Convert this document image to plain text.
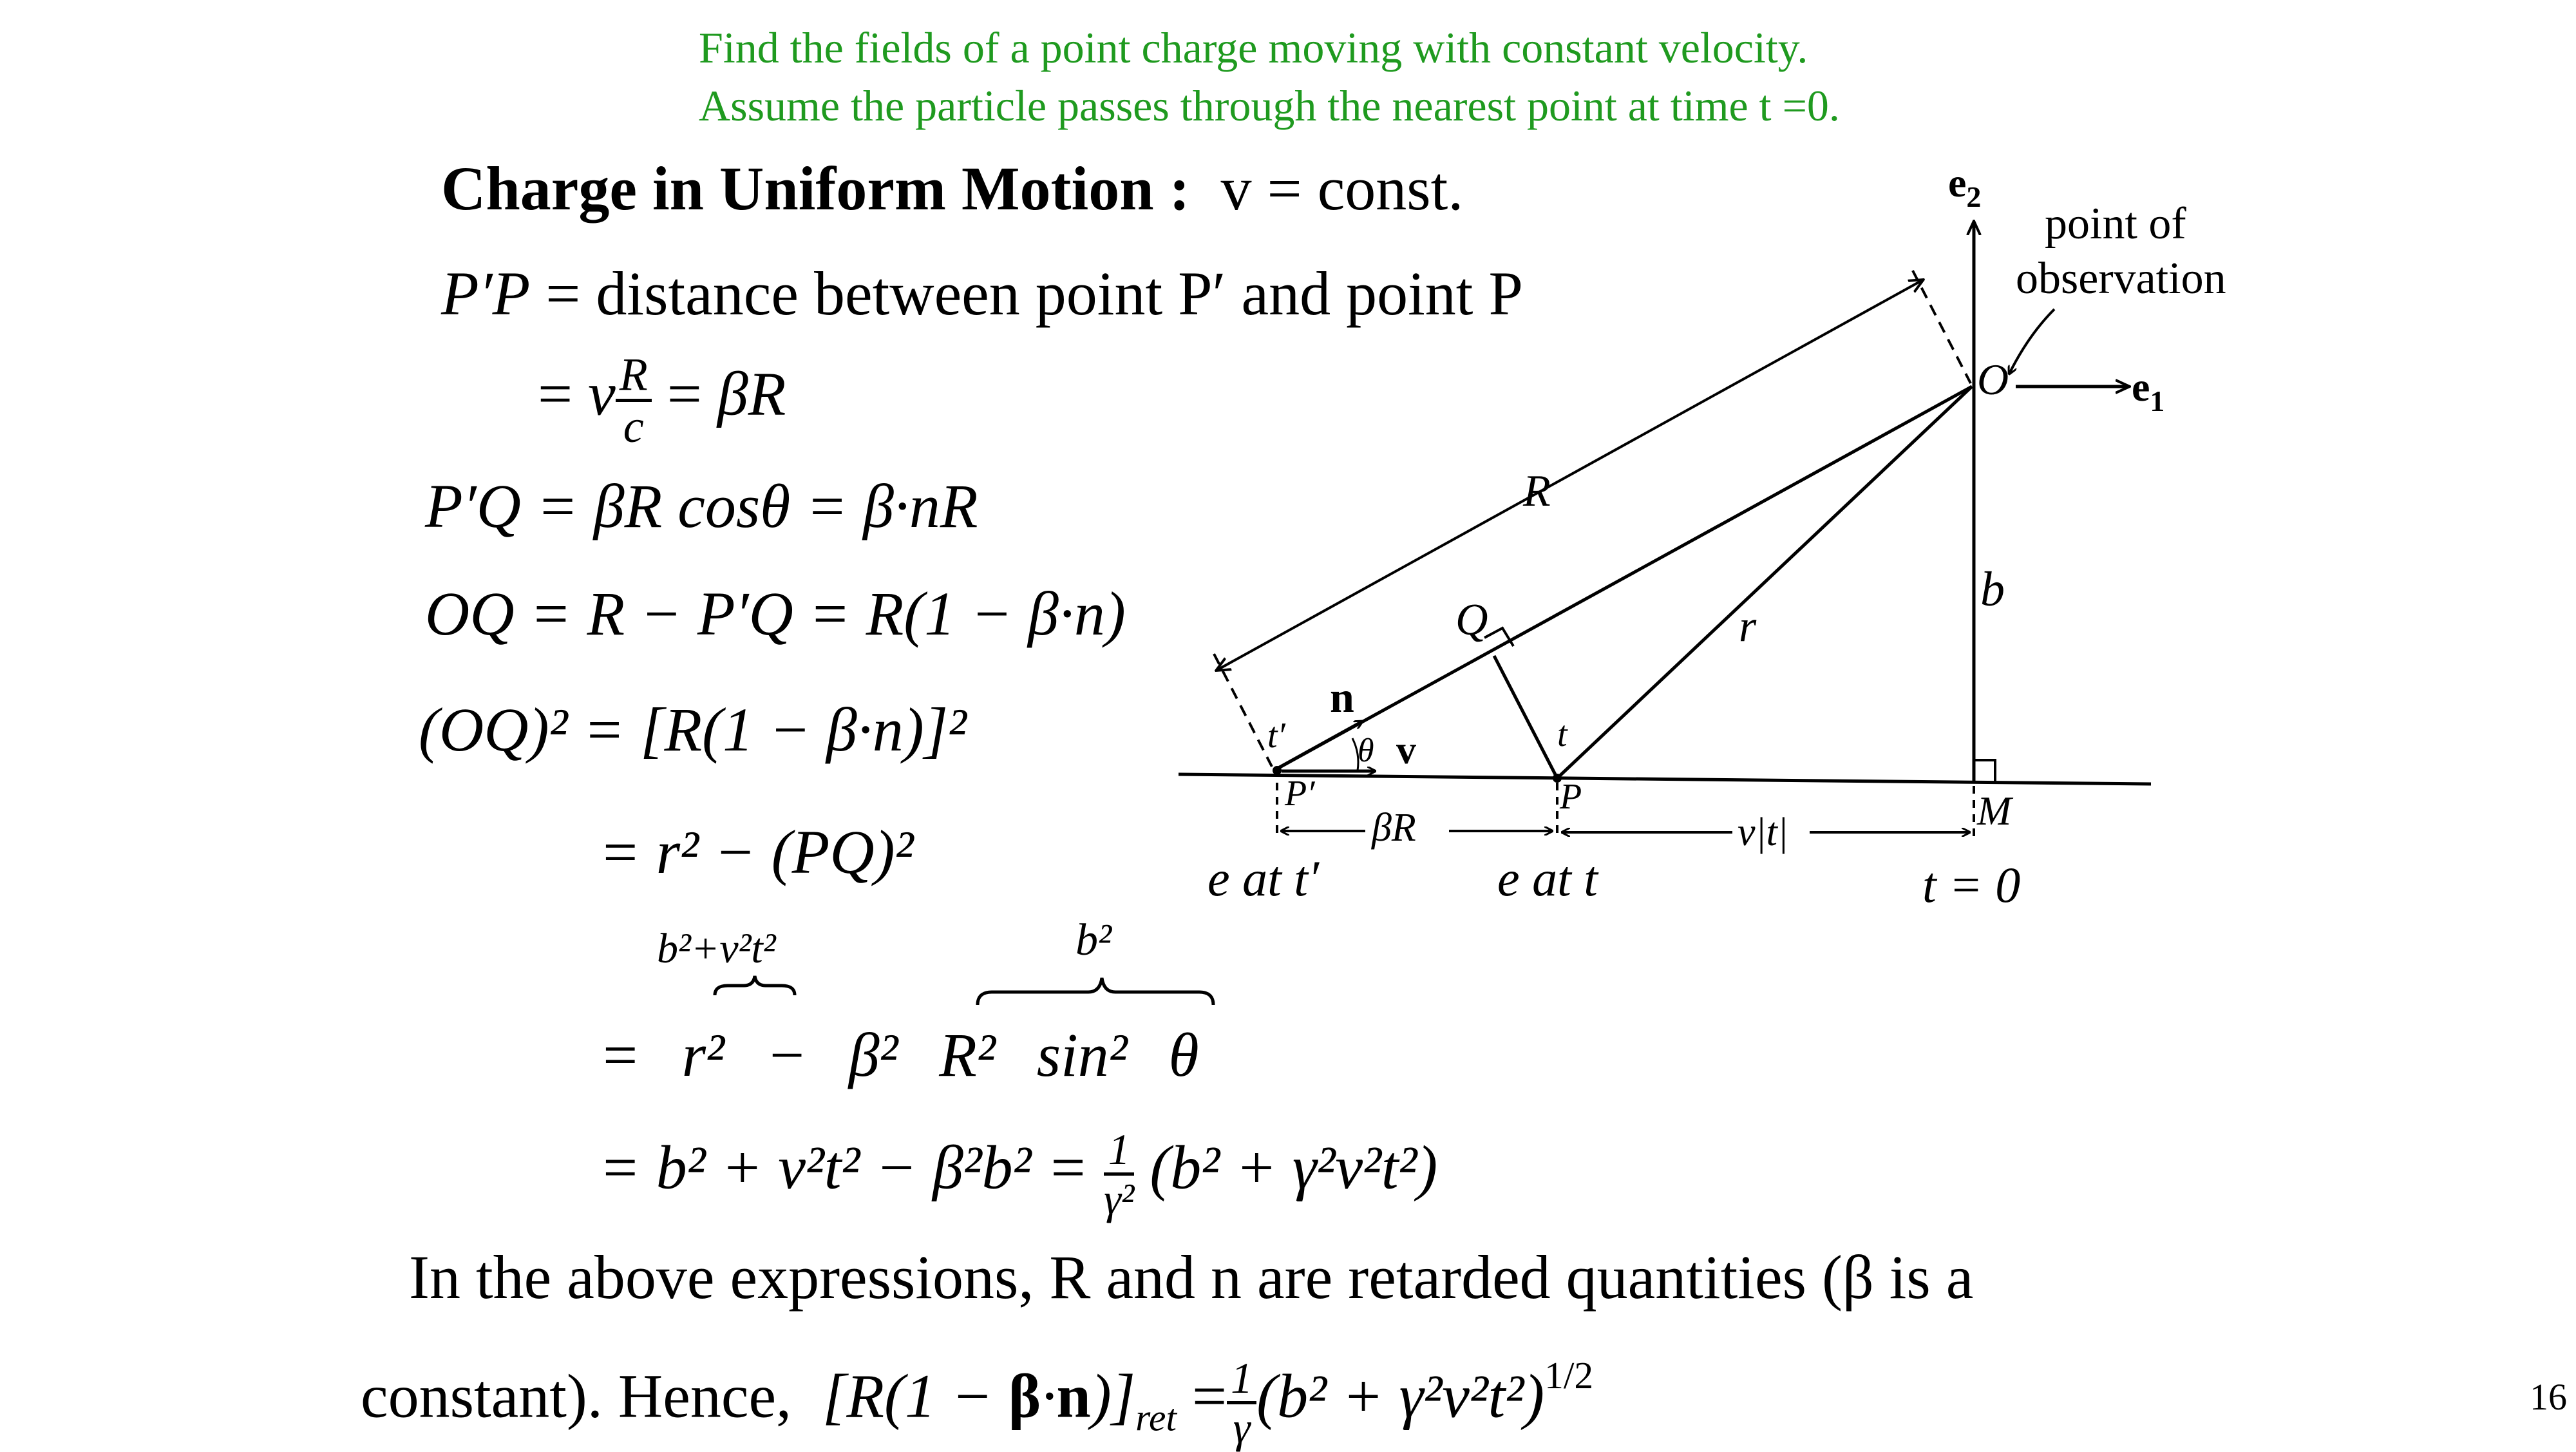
Find the fields of a point charge moving with constant velocity.
Assume the particle passes through the nearest point at time t =0.
Charge in Uniform Motion : v = const.
P′P = distance between point P′ and point P
= v $\frac{R}{c} = \beta R$
P′Q = βR cosθ = β·nR
OQ = R − P′Q = R(1 − β·n)
(OQ)² = [R(1 − β·n)]²
= r² − (PQ)²
b²+v²t²	b²
= r² − β² R² sin² θ
= $b^2 + v^2t^2 - \beta^2b^2 = \frac{1}{\text{γ²}} (b^2 + \gamma^2v^2t^2)$
In the above expressions, R and n are retarded quantities (β is a
constant). Hence, $[R(1 - \beta\cdot n)]_{ret} = \frac{1}{\gamma} (b^2 + \gamma^2v^2t^2)^{1/2}$
$e_2$
point of
observation
O	$e_1$
R
Q	r
b
n
θ v
t′	t
P′	P	M
βR	v|t|
e at t′	e at t	t = 0
16
